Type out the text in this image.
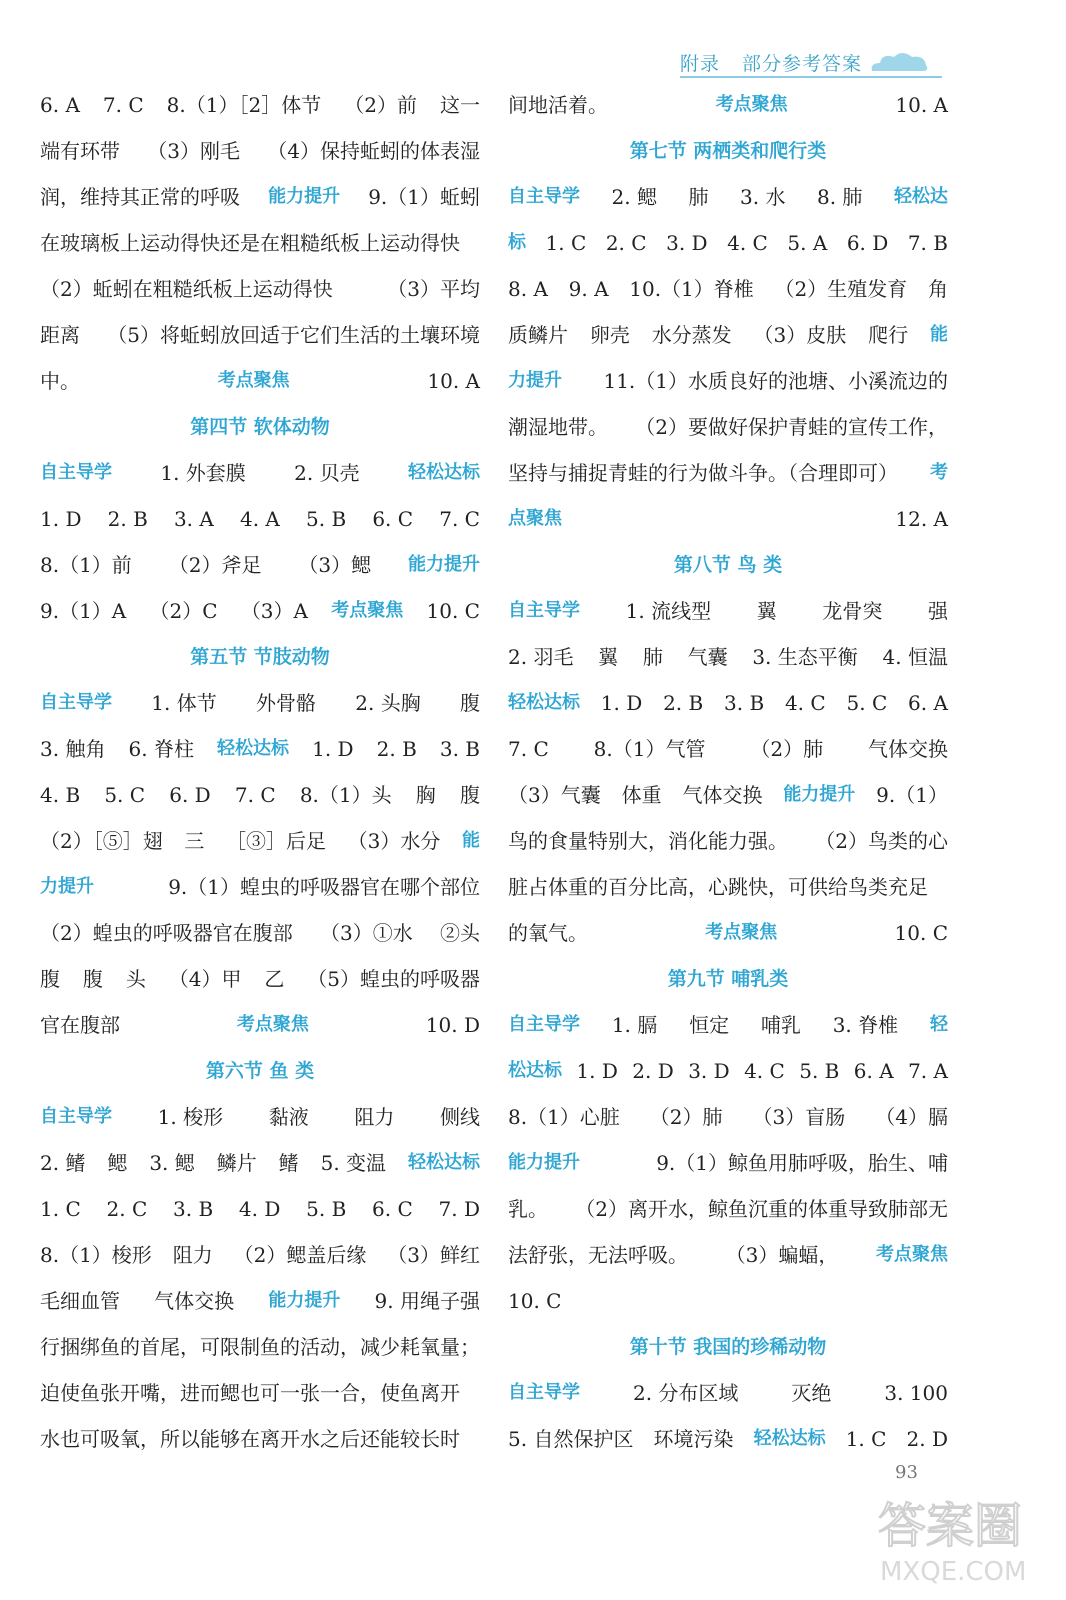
附录 部分参考答案
6. A 7. C 8.（1）［2］体节 （2）前 这一
端有环带 （3）刚毛 （4）保持蚯蚓的体表湿
润，维持其正常的呼吸 能力提升 9.（1）蚯蚓
在玻璃板上运动得快还是在粗糙纸板上运动得快
（2）蚯蚓在粗糙纸板上运动得快	（3）平均
距离 （5）将蚯蚓放回适于它们生活的土壤环境
中。	考点聚焦	10. A
第四节 软体动物
自主导学 1. 外套膜 2. 贝壳	轻松达标
1. D 2. B 3. A 4. A 5. B 6. C 7. C
8.（1）前 （2）斧足 （3）鳃 能力提升
9.（1）A （2）C （3）A 考点聚焦 10. C
第五节 节肢动物
自主导学 1. 体节 外骨骼 2. 头胸 腹
3. 触角 6. 脊柱 轻松达标 1. D 2. B 3. B
4. B 5. C 6. D 7. C 8.（1）头 胸 腹
（2）［⑤］翅 三 ［③］后足 （3）水分 能
力提升	9.（1）蝗虫的呼吸器官在哪个部位
（2）蝗虫的呼吸器官在腹部 （3）①水 ②头
腹 腹 头 （4）甲 乙 （5）蝗虫的呼吸器
官在腹部	考点聚焦	10. D
第六节 鱼 类
自主导学 1. 梭形 黏液 阻力 侧线
2. 鳍 鳃 3. 鳃 鳞片 鳍 5. 变温 轻松达标
1. C 2. C 3. B 4. D 5. B 6. C 7. D
8.（1）梭形 阻力 （2）鳃盖后缘 （3）鲜红
毛细血管 气体交换 能力提升 9. 用绳子强
行捆绑鱼的首尾，可限制鱼的活动，减少耗氧量；
迫使鱼张开嘴，进而鳃也可一张一合，使鱼离开
水也可吸氧，所以能够在离开水之后还能较长时
间地活着。	考点聚焦	10. A
第七节 两栖类和爬行类
自主导学 2. 鳃 肺 3. 水 8. 肺 轻松达
标 1. C 2. C 3. D 4. C 5. A 6. D 7. B
8. A 9. A 10.（1）脊椎 （2）生殖发育 角
质鳞片 卵壳 水分蒸发 （3）皮肤 爬行 能
力提升 11.（1）水质良好的池塘、小溪流边的
潮湿地带。 （2）要做好保护青蛙的宣传工作，
坚持与捕捉青蛙的行为做斗争。（合理即可） 考
点聚焦	12. A
第八节 鸟 类
自主导学 1. 流线型 翼 龙骨突 强
2. 羽毛 翼 肺 气囊 3. 生态平衡 4. 恒温
轻松达标 1. D 2. B 3. B 4. C 5. C 6. A
7. C 8.（1）气管 （2）肺 气体交换
（3）气囊 体重 气体交换 能力提升 9.（1）
鸟的食量特别大，消化能力强。 （2）鸟类的心
脏占体重的百分比高，心跳快，可供给鸟类充足
的氧气。	考点聚焦	10. C
第九节 哺乳类
自主导学 1. 膈 恒定 哺乳 3. 脊椎 轻
松达标 1. D 2. D 3. D 4. C 5. B 6. A 7. A
8.（1）心脏 （2）肺 （3）盲肠 （4）膈
能力提升	9.（1）鲸鱼用肺呼吸，胎生、哺
乳。 （2）离开水，鲸鱼沉重的体重导致肺部无
法舒张，无法呼吸。 （3）蝙蝠， 考点聚焦
10. C
第十节 我国的珍稀动物
自主导学	2. 分布区域	灭绝	3. 100
5. 自然保护区 环境污染 轻松达标 1. C 2. D
93
答案圈
MXQE.COM
